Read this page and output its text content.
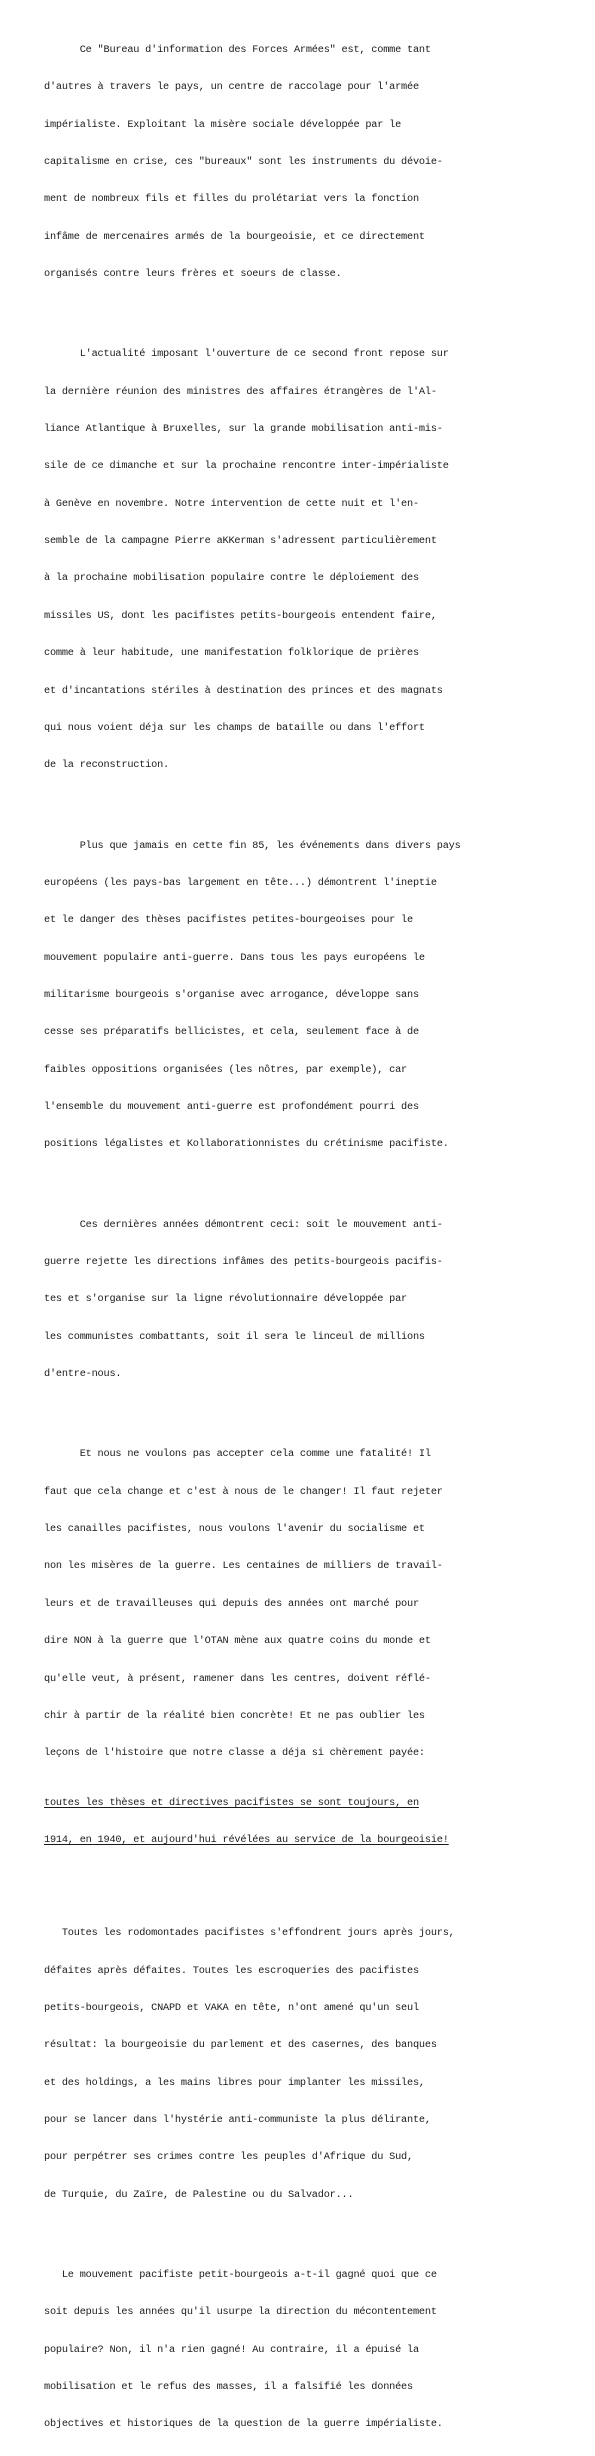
Ce "Bureau d'information des Forces Armées" est, comme tant

d'autres à travers le pays, un centre de raccolage pour l'armée

impérialiste. Exploitant la misère sociale développée par le

capitalisme en crise, ces "bureaux" sont les instruments du dévoie-

ment de nombreux fils et filles du prolétariat vers la fonction

infâme de mercenaires armés de la bourgeoisie, et ce directement

organisés contre leurs frères et soeurs de classe.

L'actualité imposant l'ouverture de ce second front repose sur

la dernière réunion des ministres des affaires étrangères de l'Al-

liance Atlantique à Bruxelles, sur la grande mobilisation anti-mis-

sile de ce dimanche et sur la prochaine rencontre inter-impérialiste

à Genève en novembre. Notre intervention de cette nuit et l'en-

semble de la campagne Pierre aKKerman s'adressent particulièrement

à la prochaine mobilisation populaire contre le déploiement des

missiles US, dont les pacifistes petits-bourgeois entendent faire,

comme à leur habitude, une manifestation folklorique de prières

et d'incantations stériles à destination des princes et des magnats

qui nous voient déja sur les champs de bataille ou dans l'effort

de la reconstruction.

Plus que jamais en cette fin 85, les événements dans divers pays

européens (les pays-bas largement en tête...) démontrent l'ineptie

et le danger des thèses pacifistes petites-bourgeoises pour le

mouvement populaire anti-guerre. Dans tous les pays européens le

militarisme bourgeois s'organise avec arrogance, développe sans

cesse ses préparatifs bellicistes, et cela, seulement face à de

faibles oppositions organisées (les nôtres, par exemple), car

l'ensemble du mouvement anti-guerre est profondément pourri des

positions légalistes et Kollaborationnistes du crétinisme pacifiste.

Ces dernières années démontrent ceci: soit le mouvement anti-

guerre rejette les directions infâmes des petits-bourgeois pacifis-

tes et s'organise sur la ligne révolutionnaire développée par

les communistes combattants, soit il sera le linceul de millions

d'entre-nous.

Et nous ne voulons pas accepter cela comme une fatalité! Il

faut que cela change et c'est à nous de le changer! Il faut rejeter

les canailles pacifistes, nous voulons l'avenir du socialisme et

non les misères de la guerre. Les centaines de milliers de travail-

leurs et de travailleuses qui depuis des années ont marché pour

dire NON à la guerre que l'OTAN mène aux quatre coins du monde et

qu'elle veut, à présent, ramener dans les centres, doivent réflé-

chir à partir de la réalité bien concrète! Et ne pas oublier les

leçons de l'histoire que notre classe a déja si chèrement payée:

toutes les thèses et directives pacifistes se sont toujours, en

1914, en 1940, et aujourd'hui révélées au service de la bourgeoisie!

Toutes les rodomontades pacifistes s'effondrent jours après jours,

défaites après défaites. Toutes les escroqueries des pacifistes

petits-bourgeois, CNAPD et VAKA en tête, n'ont amené qu'un seul

résultat: la bourgeoisie du parlement et des casernes, des banques

et des holdings, a les mains libres pour implanter les missiles,

pour se lancer dans l'hystérie anti-communiste la plus délirante,

pour perpétrer ses crimes contre les peuples d'Afrique du Sud,

de Turquie, du Zaïre, de Palestine ou du Salvador...

Le mouvement pacifiste petit-bourgeois a-t-il gagné quoi que ce

soit depuis les années qu'il usurpe la direction du mécontentement

populaire? Non, il n'a rien gagné! Au contraire, il a épuisé la

mobilisation et le refus des masses, il a falsifié les données

objectives et historiques de la question de la guerre impérialiste.
